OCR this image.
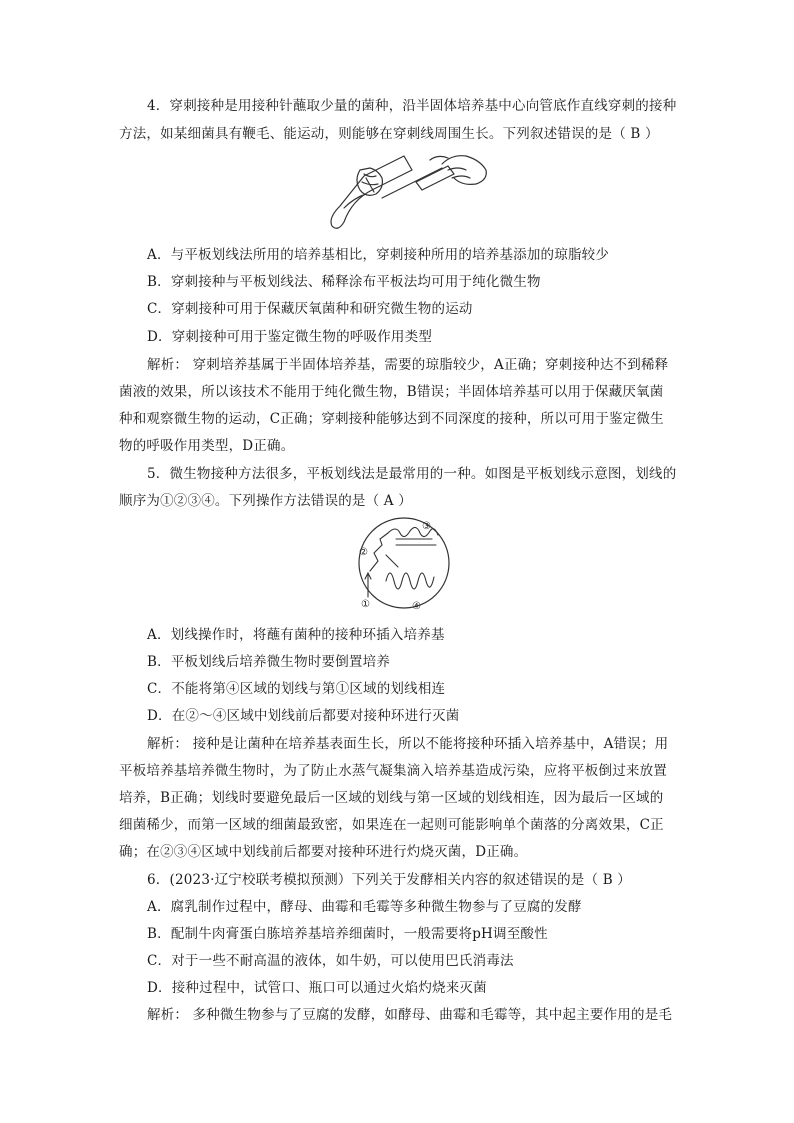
4．穿刺接种是用接种针蘸取少量的菌种，沿半固体培养基中心向管底作直线穿刺的接种
方法，如某细菌具有鞭毛、能运动，则能够在穿刺线周围生长。下列叙述错误的是（ B ）
A．与平板划线法所用的培养基相比，穿刺接种所用的培养基添加的琼脂较少
B．穿刺接种与平板划线法、稀释涂布平板法均可用于纯化微生物
C．穿刺接种可用于保藏厌氧菌种和研究微生物的运动
D．穿刺接种可用于鉴定微生物的呼吸作用类型
解析： 穿刺培养基属于半固体培养基，需要的琼脂较少，A正确；穿刺接种达不到稀释
菌液的效果，所以该技术不能用于纯化微生物，B错误；半固体培养基可以用于保藏厌氧菌
种和观察微生物的运动，C正确；穿刺接种能够达到不同深度的接种，所以可用于鉴定微生
物的呼吸作用类型，D正确。
5．微生物接种方法很多，平板划线法是最常用的一种。如图是平板划线示意图，划线的
顺序为①②③④。下列操作方法错误的是（ A ）
①
②
③
④
A．划线操作时，将蘸有菌种的接种环插入培养基
B．平板划线后培养微生物时要倒置培养
C．不能将第④区域的划线与第①区域的划线相连
D．在②～④区域中划线前后都要对接种环进行灭菌
解析： 接种是让菌种在培养基表面生长，所以不能将接种环插入培养基中，A错误；用
平板培养基培养微生物时，为了防止水蒸气凝集滴入培养基造成污染，应将平板倒过来放置
培养，B正确；划线时要避免最后一区域的划线与第一区域的划线相连，因为最后一区域的
细菌稀少，而第一区域的细菌最致密，如果连在一起则可能影响单个菌落的分离效果，C正
确；在②③④区域中划线前后都要对接种环进行灼烧灭菌，D正确。
6．(2023·辽宁校联考模拟预测）下列关于发酵相关内容的叙述错误的是（ B ）
A．腐乳制作过程中，酵母、曲霉和毛霉等多种微生物参与了豆腐的发酵
B．配制牛肉膏蛋白胨培养基培养细菌时，一般需要将pH调至酸性
C．对于一些不耐高温的液体，如牛奶，可以使用巴氏消毒法
D．接种过程中，试管口、瓶口可以通过火焰灼烧来灭菌
解析： 多种微生物参与了豆腐的发酵，如酵母、曲霉和毛霉等，其中起主要作用的是毛
